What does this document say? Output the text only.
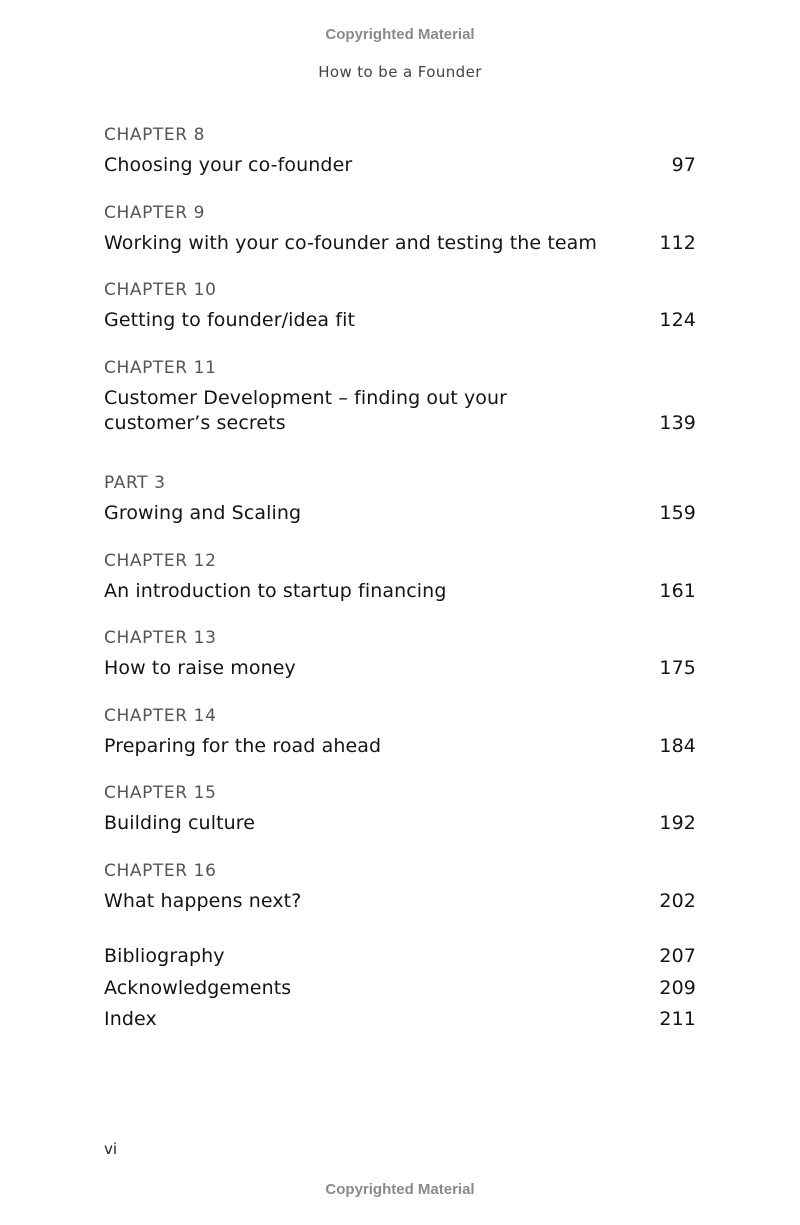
Copyrighted Material
How to be a Founder
CHAPTER 8
Choosing your co-founder	97
CHAPTER 9
Working with your co-founder and testing the team	112
CHAPTER 10
Getting to founder/idea fit	124
CHAPTER 11
Customer Development – finding out your
customer’s secrets	139
PART 3
Growing and Scaling	159
CHAPTER 12
An introduction to startup financing	161
CHAPTER 13
How to raise money	175
CHAPTER 14
Preparing for the road ahead	184
CHAPTER 15
Building culture	192
CHAPTER 16
What happens next?	202
Bibliography	207
Acknowledgements	209
Index	211
vi
Copyrighted Material
